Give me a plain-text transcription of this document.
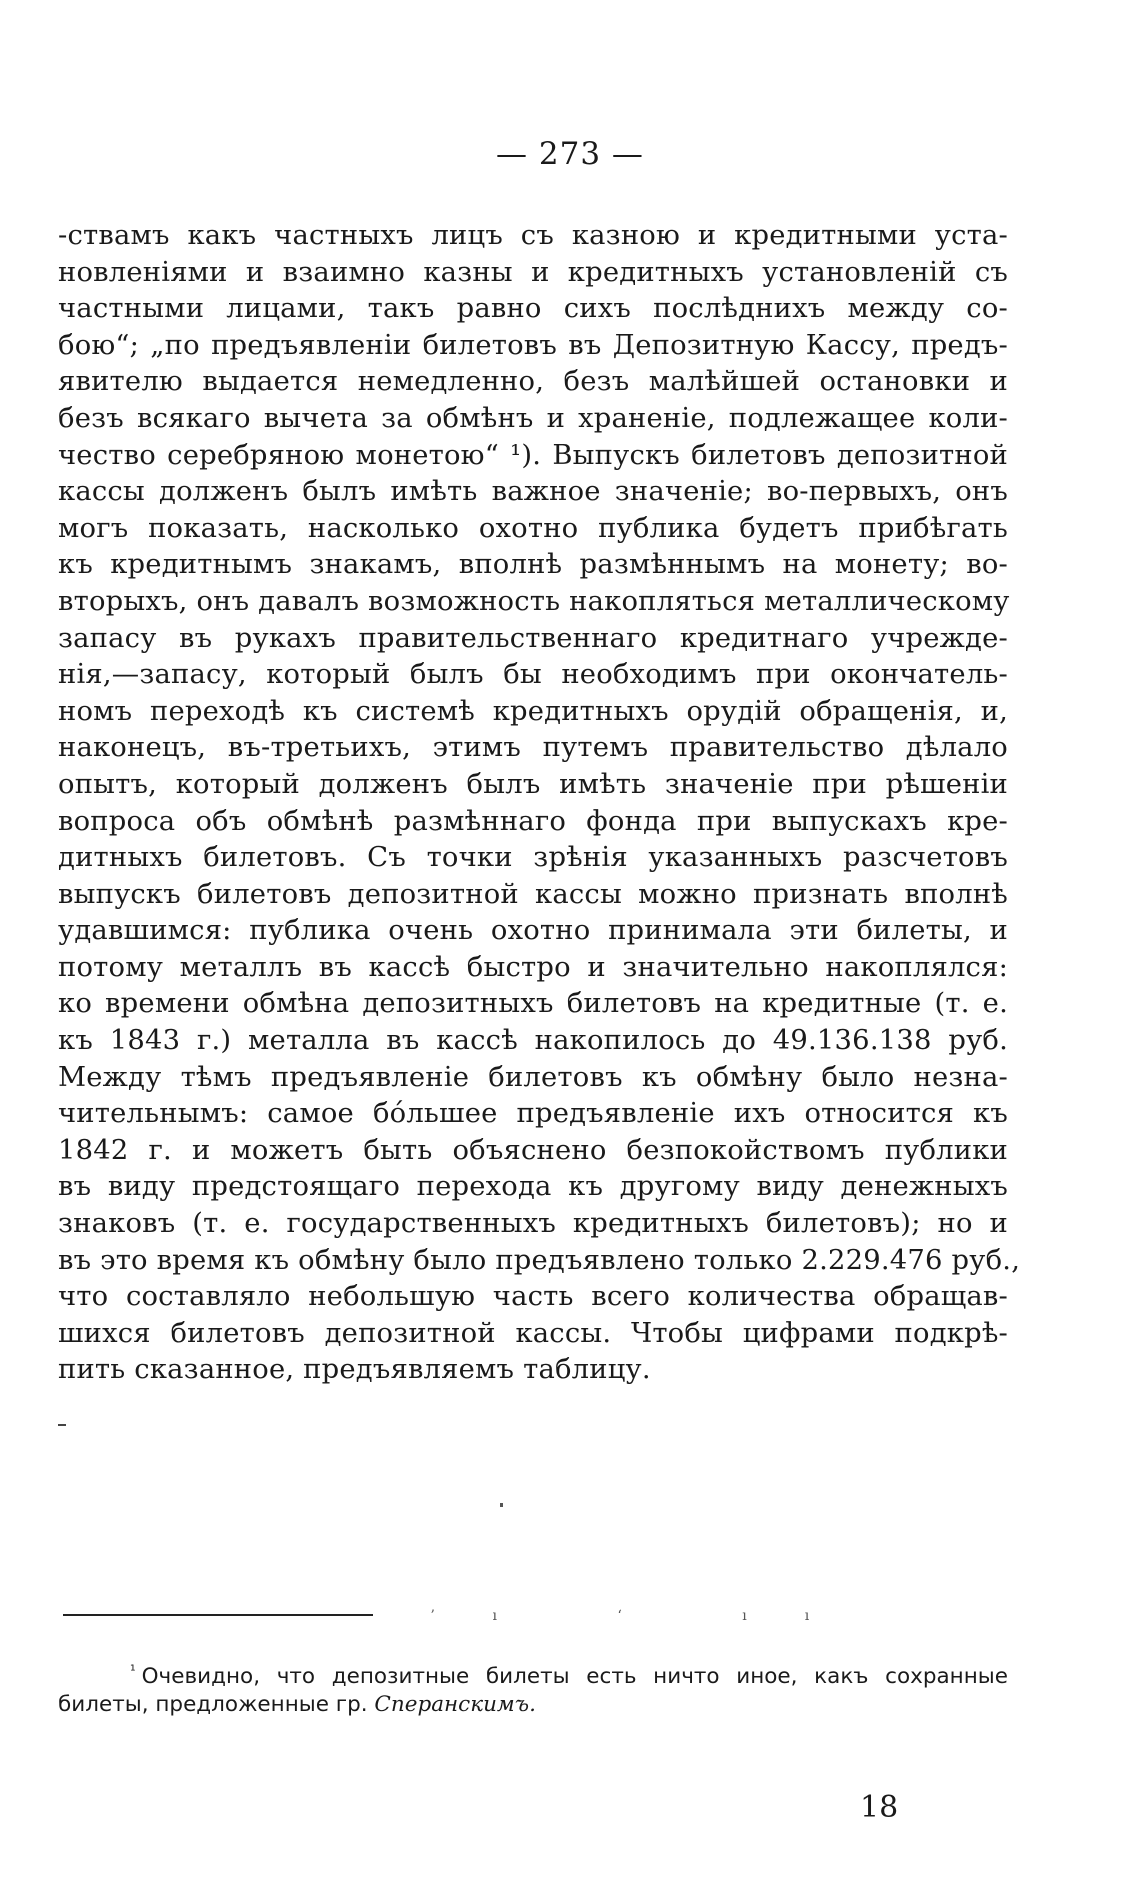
— 273 —
-ствамъ какъ частныхъ лицъ съ казною и кредитными уста-
новленіями и взаимно казны и кредитныхъ установленій съ
частными лицами, такъ равно сихъ послѣднихъ между со-
бою“; „по предъявленіи билетовъ въ Депозитную Кассу, предъ-
явителю выдается немедленно, безъ малѣйшей остановки и
безъ всякаго вычета за обмѣнъ и храненіе, подлежащее коли-
чество серебряною монетою“ ¹). Выпускъ билетовъ депозитной
кассы долженъ былъ имѣть важное значеніе; во-первыхъ, онъ
могъ показать, насколько охотно публика будетъ прибѣгать
къ кредитнымъ знакамъ, вполнѣ размѣннымъ на монету; во-
вторыхъ, онъ давалъ возможность накопляться металлическому
запасу въ рукахъ правительственнаго кредитнаго учрежде-
нія,—запасу, который былъ бы необходимъ при окончатель-
номъ переходѣ къ системѣ кредитныхъ орудій обращенія, и,
наконецъ, въ-третьихъ, этимъ путемъ правительство дѣлало
опытъ, который долженъ былъ имѣть значеніе при рѣшеніи
вопроса объ обмѣнѣ размѣннаго фонда при выпускахъ кре-
дитныхъ билетовъ. Съ точки зрѣнія указанныхъ разсчетовъ
выпускъ билетовъ депозитной кассы можно признать вполнѣ
удавшимся: публика очень охотно принимала эти билеты, и
потому металлъ въ кассѣ быстро и значительно накоплялся:
ко времени обмѣна депозитныхъ билетовъ на кредитные (т. е.
къ 1843 г.) металла въ кассѣ накопилось до 49.136.138 руб.
Между тѣмъ предъявленіе билетовъ къ обмѣну было незна-
чительнымъ: самое бóльшее предъявленіе ихъ относится къ
1842 г. и можетъ быть объяснено безпокойствомъ публики
въ виду предстоящаго перехода къ другому виду денежныхъ
знаковъ (т. е. государственныхъ кредитныхъ билетовъ); но и
въ это время къ обмѣну было предъявлено только 2.229.476 руб.,
что составляло небольшую часть всего количества обращав-
шихся билетовъ депозитной кассы. Чтобы цифрами подкрѣ-
пить сказанное, предъявляемъ таблицу.
ʼı ʻ ıı
$^{^1}$ Очевидно, что депозитные билеты есть ничто иное, какъ сохранные
билеты, предложенные гр. Сперанскимъ.
18
